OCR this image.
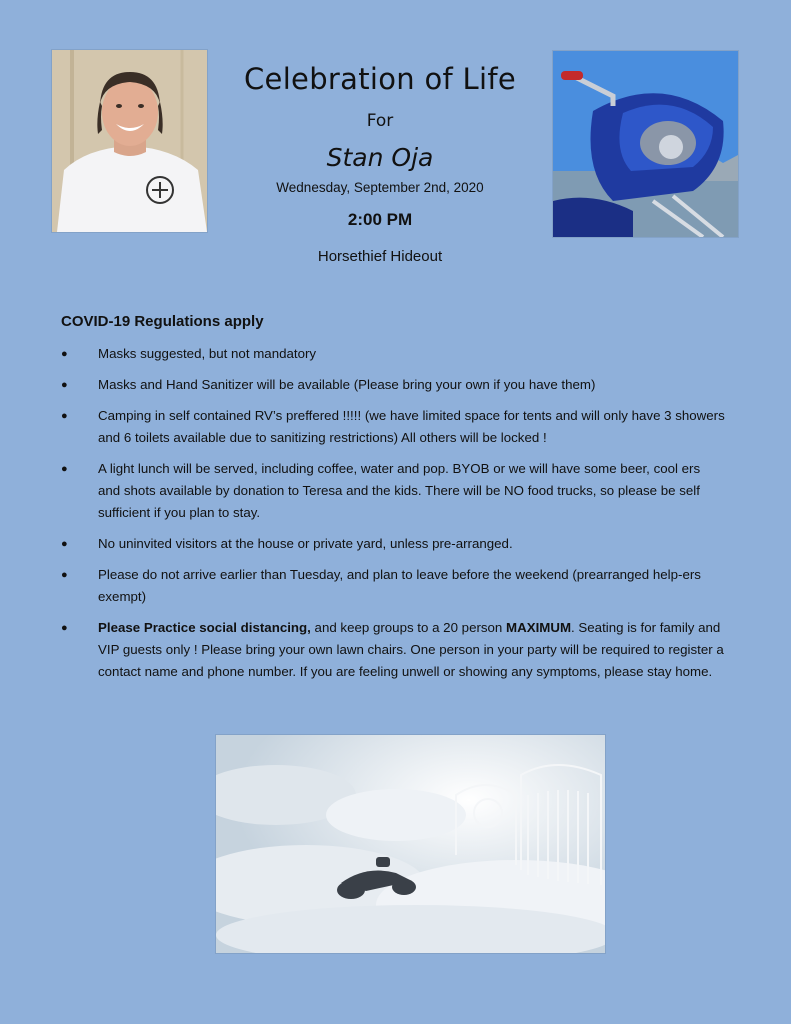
Celebration of Life
For
Stan Oja
Wednesday, September 2nd, 2020
2:00 PM
Horsethief Hideout
COVID-19 Regulations apply
● Masks suggested, but not mandatory
● Masks and Hand Sanitizer will be available (Please bring your own if you have them)
● Camping in self contained RV’s preffered !!!!! (we have limited space for tents and will only have 3 showers and 6 toilets available due to sanitizing restrictions) All others will be locked !
● A light lunch will be served, including coffee, water and pop. BYOB or we will have some beer, cool ers and shots available by donation to Teresa and the kids. There will be NO food trucks, so please be self sufficient if you plan to stay.
● No uninvited visitors at the house or private yard, unless pre-arranged.
● Please do not arrive earlier than Tuesday, and plan to leave before the weekend (prearranged help-ers exempt)
● Please Practice social distancing, and keep groups to a 20 person MAXIMUM. Seating is for family and VIP guests only ! Please bring your own lawn chairs. One person in your party will be required to register a contact name and phone number. If you are feeling unwell or showing any symptoms, please stay home.
